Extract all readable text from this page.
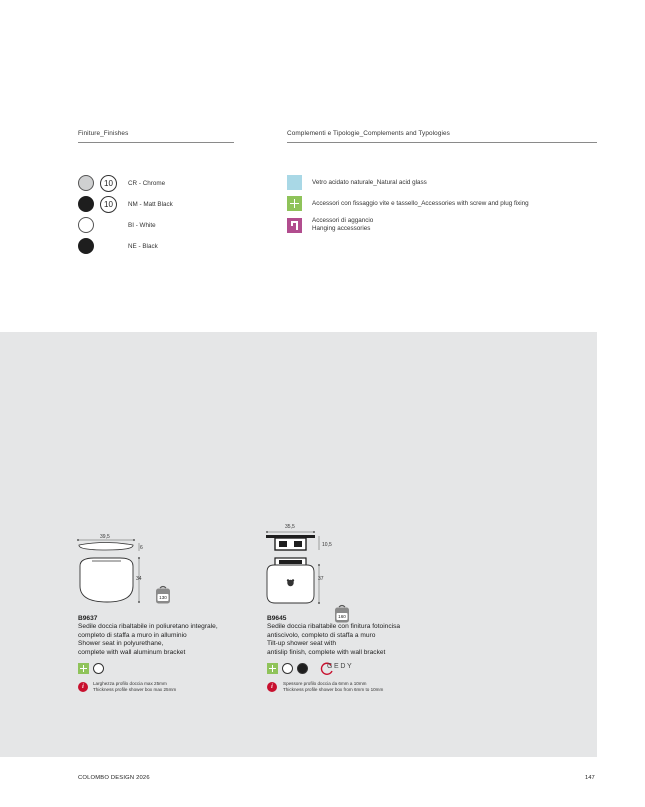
Finiture_Finishes
10	CR - Chrome
10	NM - Matt Black
BI - White
NE - Black
Complementi e Tipologie_Complements and Typologies
Vetro acidato naturale_Natural acid glass
Accessori con fissaggio vite e tassello_Accessories with screw and plug fixing
Accessori di aggancio
Hanging accessories
39,5
6
34
130
B9637
Sedile doccia ribaltabile in poliuretano integrale,
completo di staffa a muro in alluminio
Shower seat in polyurethane,
complete with wall aluminum bracket
i
Larghezza profilo doccia max 25mm
Thickness profile shower box max 25mm
35,5
10,5
37
160
B9645
Sedile doccia ribaltabile con finitura fotoincisa
antiscivolo, completo di staffa a muro
Tilt-up shower seat with
antislip finish, complete with wall bracket
GEDY
i
Spessore profilo doccia da 6mm a 10mm
Thickness profile shower box from 6mm to 10mm
COLOMBO DESIGN 2026	147
